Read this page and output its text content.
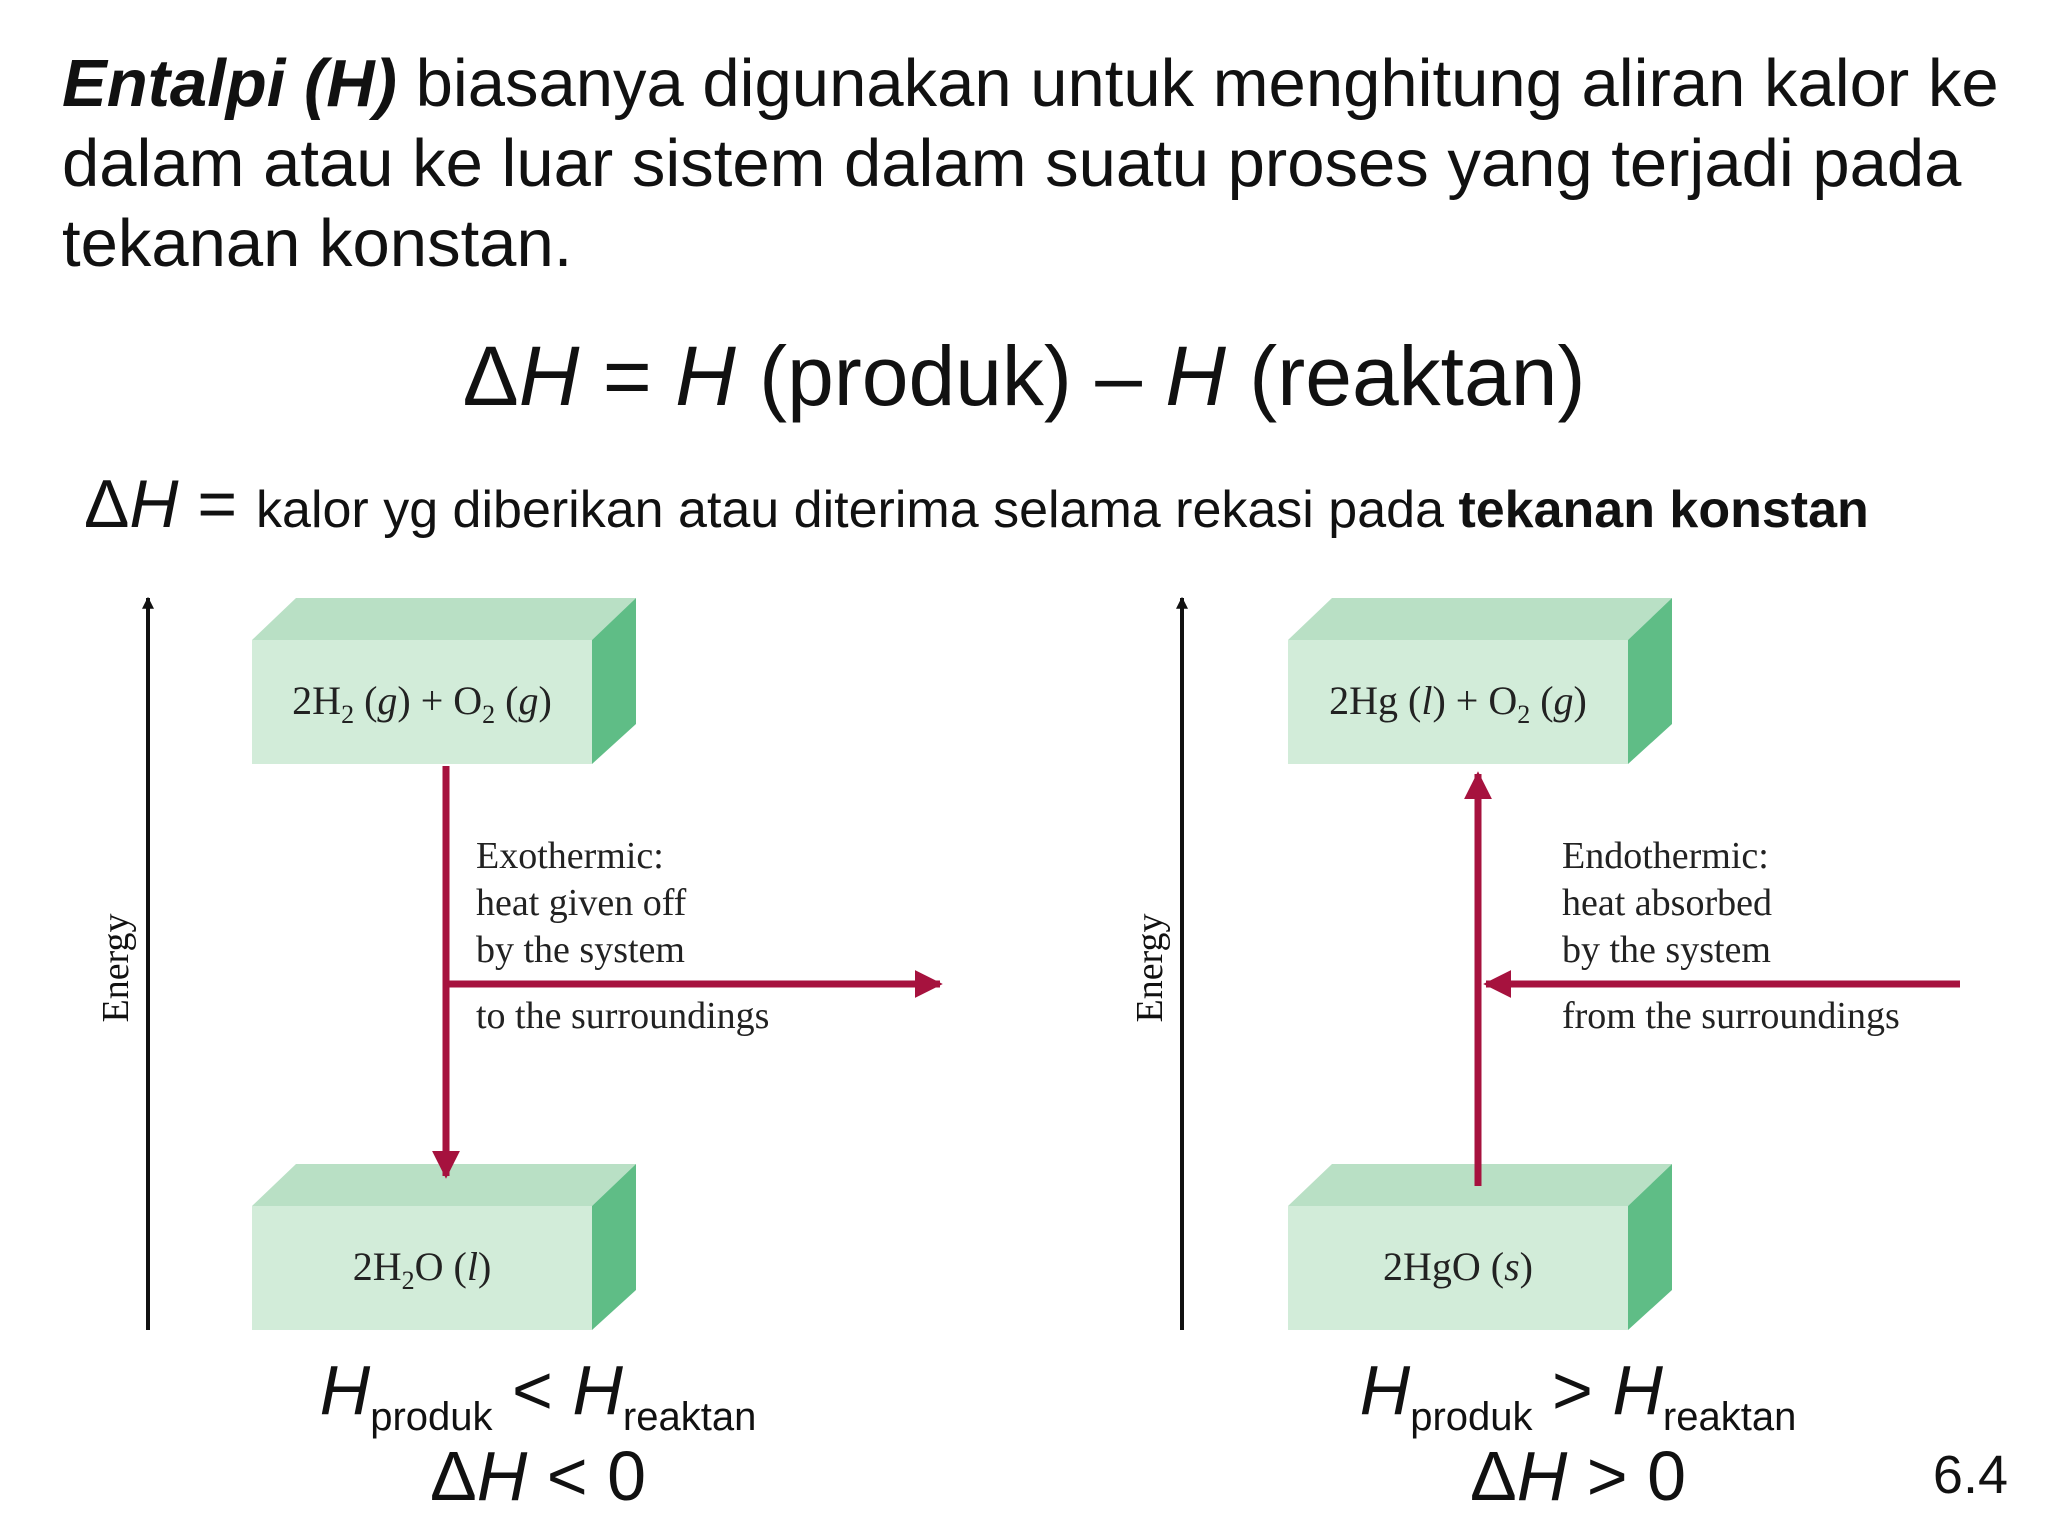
Entalpi (H) biasanya digunakan untuk menghitung aliran kalor ke dalam atau ke luar sistem dalam suatu proses yang terjadi pada tekanan konstan.

ΔH = H (produk) – H (reaktan)
ΔH = kalor yg diberikan atau diterima selama rekasi pada tekanan konstan
Energy
$2H_2$ $(g) + O_2$ (g)
$2H_2O$ (l)
Exothermic: heat given off by the system
to the surroundings	Energy
2Hg $(l) + O_2$ (g)
2HgO (s)
Endothermic: heat absorbed by the system
from the surroundings
$H_{produk} < H_{reaktan}$
ΔH < 0
$H_{produk} > H_{reaktan}$
ΔH > 0	6.4
